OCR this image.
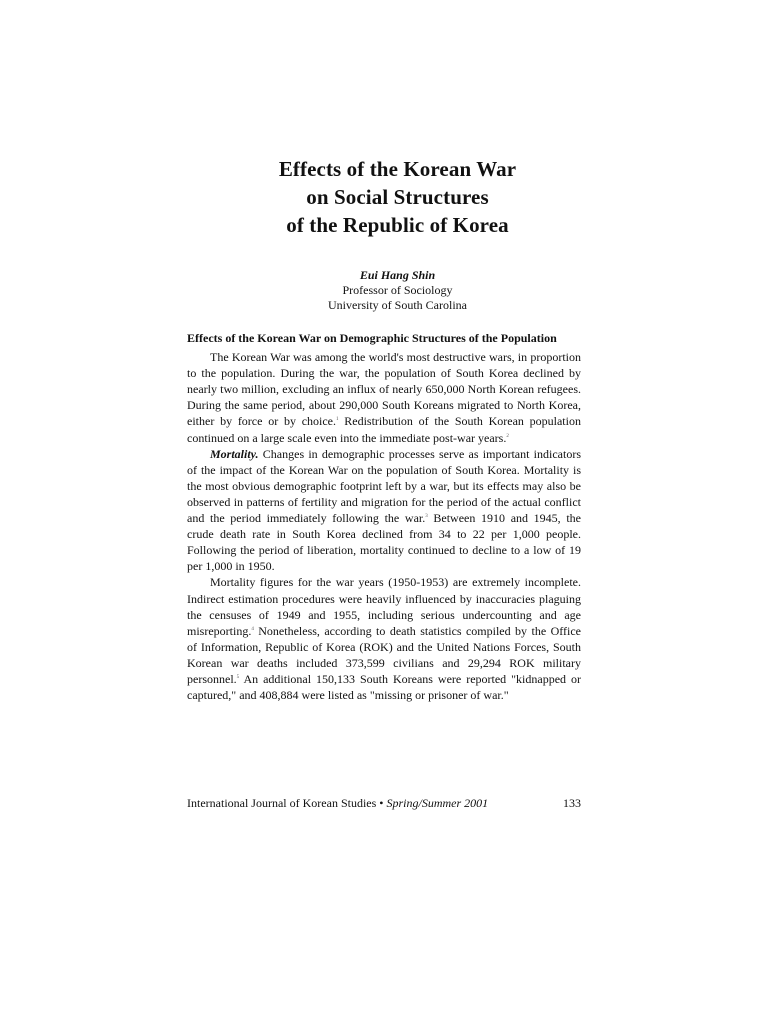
Effects of the Korean War
on Social Structures
of the Republic of Korea
Eui Hang Shin
Professor of Sociology
University of South Carolina
Effects of the Korean War on Demographic Structures of the Population

The Korean War was among the world's most destructive wars, in proportion to the population. During the war, the population of South Korea declined by nearly two million, excluding an influx of nearly 650,000 North Korean refugees. During the same period, about 290,000 South Koreans migrated to North Korea, either by force or by choice.$^1$ Redistribution of the South Korean population continued on a large scale even into the immediate post-war years.$^2$

Mortality. Changes in demographic processes serve as important indicators of the impact of the Korean War on the population of South Korea. Mortality is the most obvious demographic footprint left by a war, but its effects may also be observed in patterns of fertility and migration for the period of the actual conflict and the period immediately following the war.$^3$ Between 1910 and 1945, the crude death rate in South Korea declined from 34 to 22 per 1,000 people. Following the period of liberation, mortality continued to decline to a low of 19 per 1,000 in 1950.

Mortality figures for the war years (1950-1953) are extremely incomplete. Indirect estimation procedures were heavily influenced by inaccuracies plaguing the censuses of 1949 and 1955, including serious undercounting and age misreporting.$^4$ Nonetheless, according to death statistics compiled by the Office of Information, Republic of Korea (ROK) and the United Nations Forces, South Korean war deaths included 373,599 civilians and 29,294 ROK military personnel.$^5$ An additional 150,133 South Koreans were reported "kidnapped or captured," and 408,884 were listed as "missing or prisoner of war."

International Journal of Korean Studies • Spring/Summer 2001	133
